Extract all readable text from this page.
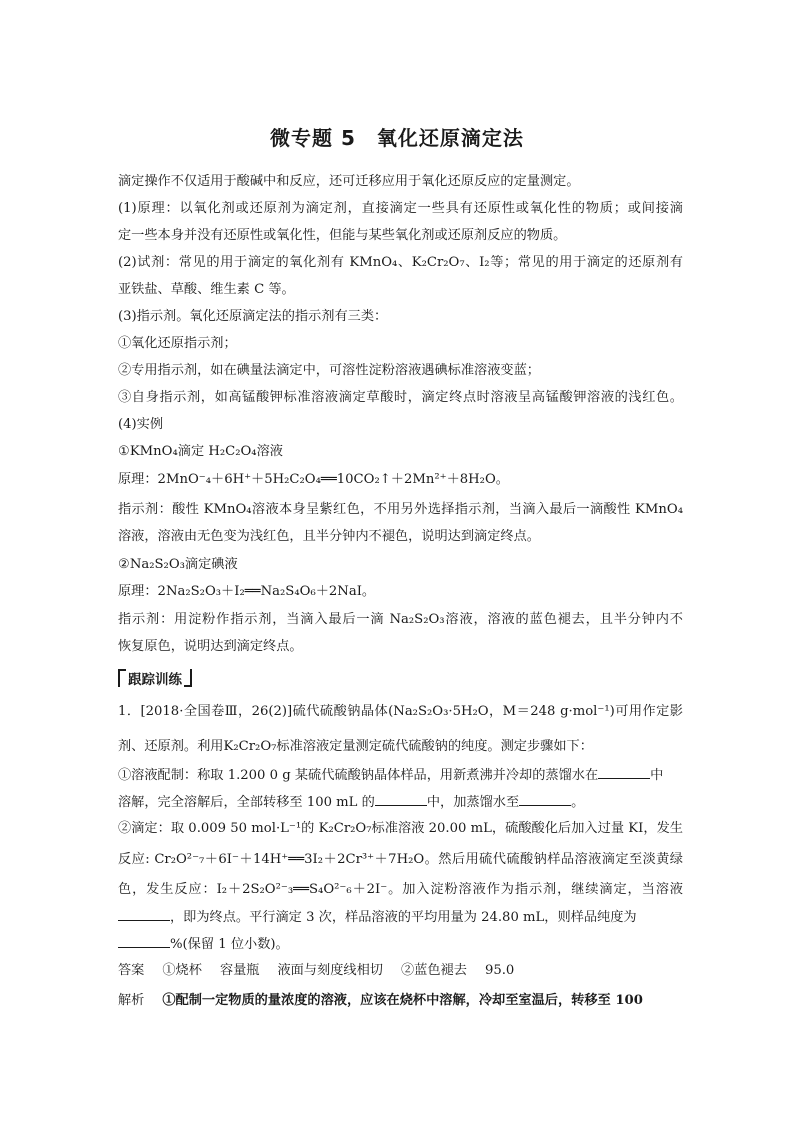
微专题 5　氧化还原滴定法
滴定操作不仅适用于酸碱中和反应，还可迁移应用于氧化还原反应的定量测定。
(1)原理：以氧化剂或还原剂为滴定剂，直接滴定一些具有还原性或氧化性的物质；或间接滴
定一些本身并没有还原性或氧化性，但能与某些氧化剂或还原剂反应的物质。
(2)试剂：常见的用于滴定的氧化剂有 KMnO₄、K₂Cr₂O₇、I₂等；常见的用于滴定的还原剂有
亚铁盐、草酸、维生素 C 等。
(3)指示剂。氧化还原滴定法的指示剂有三类：
①氧化还原指示剂；
②专用指示剂，如在碘量法滴定中，可溶性淀粉溶液遇碘标准溶液变蓝；
③自身指示剂，如高锰酸钾标准溶液滴定草酸时，滴定终点时溶液呈高锰酸钾溶液的浅红色。
(4)实例
①KMnO₄滴定 H₂C₂O₄溶液
原理：2MnO⁻₄＋6H⁺＋5H₂C₂O₄══10CO₂↑＋2Mn²⁺＋8H₂O。
指示剂：酸性 KMnO₄溶液本身呈紫红色，不用另外选择指示剂，当滴入最后一滴酸性 KMnO₄
溶液，溶液由无色变为浅红色，且半分钟内不褪色，说明达到滴定终点。
②Na₂S₂O₃滴定碘液
原理：2Na₂S₂O₃＋I₂══Na₂S₄O₆＋2NaI。
指示剂：用淀粉作指示剂，当滴入最后一滴 Na₂S₂O₃溶液，溶液的蓝色褪去，且半分钟内不
恢复原色，说明达到滴定终点。
跟踪训练
1．[2018·全国卷Ⅲ，26(2)]硫代硫酸钠晶体(Na₂S₂O₃·5H₂O，M＝248 g·mol⁻¹)可用作定影
剂、还原剂。利用K₂Cr₂O₇标准溶液定量测定硫代硫酸钠的纯度。测定步骤如下：
①溶液配制：称取 1.200 0 g 某硫代硫酸钠晶体样品，用新煮沸并冷却的蒸馏水在	中
溶解，完全溶解后，全部转移至 100 mL 的	中，加蒸馏水至	。
②滴定：取 0.009 50 mol·L⁻¹的 K₂Cr₂O₇标准溶液 20.00 mL，硫酸酸化后加入过量 KI，发生
反应: Cr₂O²⁻₇＋6I⁻＋14H⁺══3I₂＋2Cr³⁺＋7H₂O。然后用硫代硫酸钠样品溶液滴定至淡黄绿
色，发生反应：I₂＋2S₂O²⁻₃══S₄O²⁻₆＋2I⁻。加入淀粉溶液作为指示剂，继续滴定，当溶液
，即为终点。平行滴定 3 次，样品溶液的平均用量为 24.80 mL，则样品纯度为
%(保留 1 位小数)。
答案 ①烧杯 容量瓶 液面与刻度线相切 ②蓝色褪去 95.0
解析 ①配制一定物质的量浓度的溶液，应该在烧杯中溶解，冷却至室温后，转移至 100
